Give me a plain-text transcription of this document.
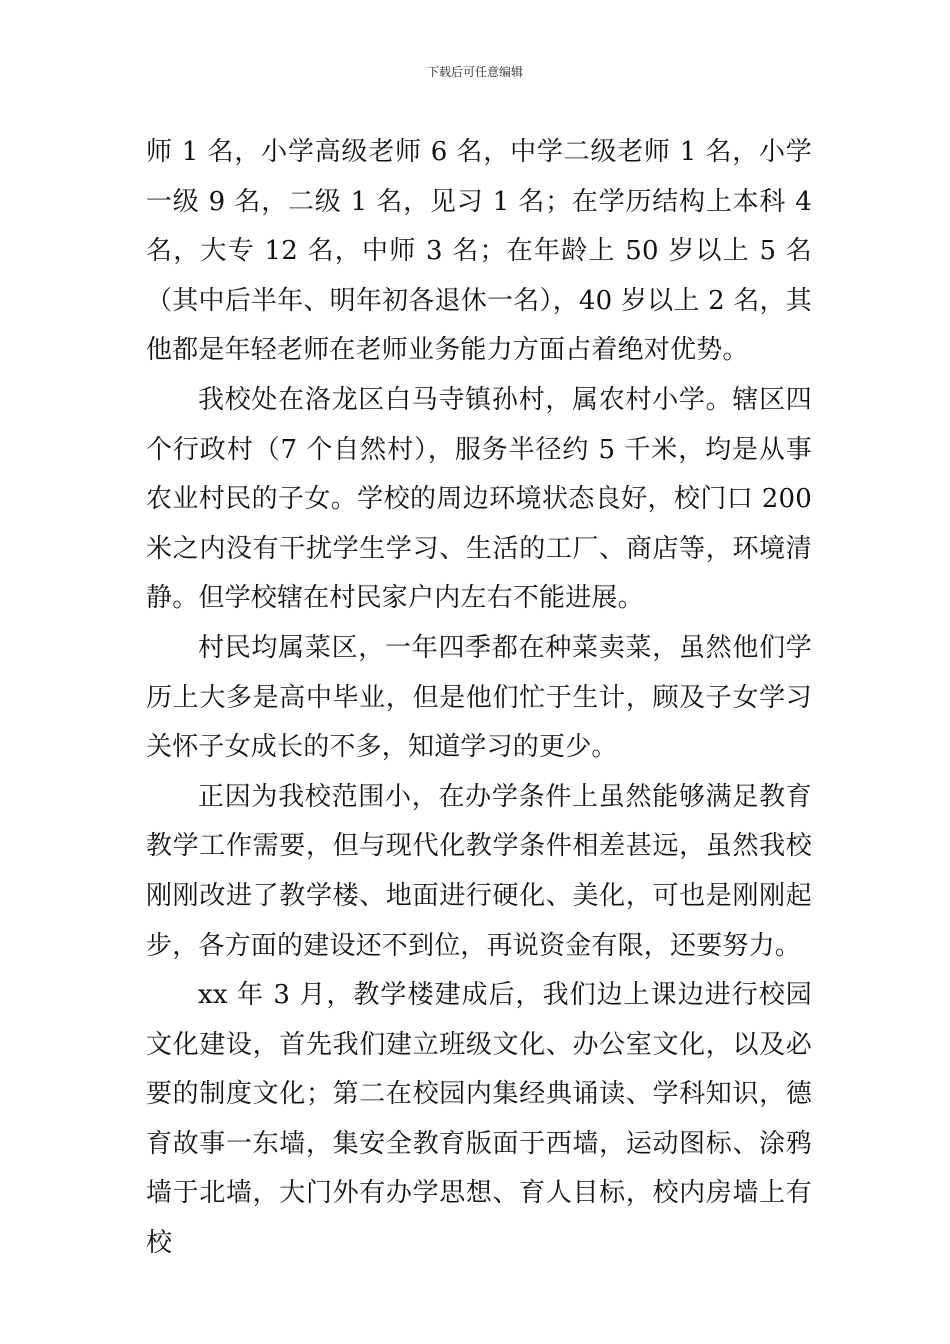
下载后可任意编辑

师 1 名，小学高级老师 6 名，中学二级老师 1 名，小学一级 9 名，二级 1 名，见习 1 名；在学历结构上本科 4 名，大专 12 名，中师 3 名；在年龄上 50 岁以上 5 名（其中后半年、明年初各退休一名），40 岁以上 2 名，其他都是年轻老师在老师业务能力方面占着绝对优势。

我校处在洛龙区白马寺镇孙村，属农村小学。辖区四个行政村（7 个自然村），服务半径约 5 千米，均是从事农业村民的子女。学校的周边环境状态良好，校门口 200 米之内没有干扰学生学习、生活的工厂、商店等，环境清静。但学校辖在村民家户内左右不能进展。

村民均属菜区，一年四季都在种菜卖菜，虽然他们学历上大多是高中毕业，但是他们忙于生计，顾及子女学习关怀子女成长的不多，知道学习的更少。

正因为我校范围小，在办学条件上虽然能够满足教育教学工作需要，但与现代化教学条件相差甚远，虽然我校刚刚改进了教学楼、地面进行硬化、美化，可也是刚刚起步，各方面的建设还不到位，再说资金有限，还要努力。

xx 年 3 月，教学楼建成后，我们边上课边进行校园文化建设，首先我们建立班级文化、办公室文化，以及必要的制度文化；第二在校园内集经典诵读、学科知识，德育故事一东墙，集安全教育版面于西墙，运动图标、涂鸦墙于北墙，大门外有办学思想、育人目标，校内房墙上有校
